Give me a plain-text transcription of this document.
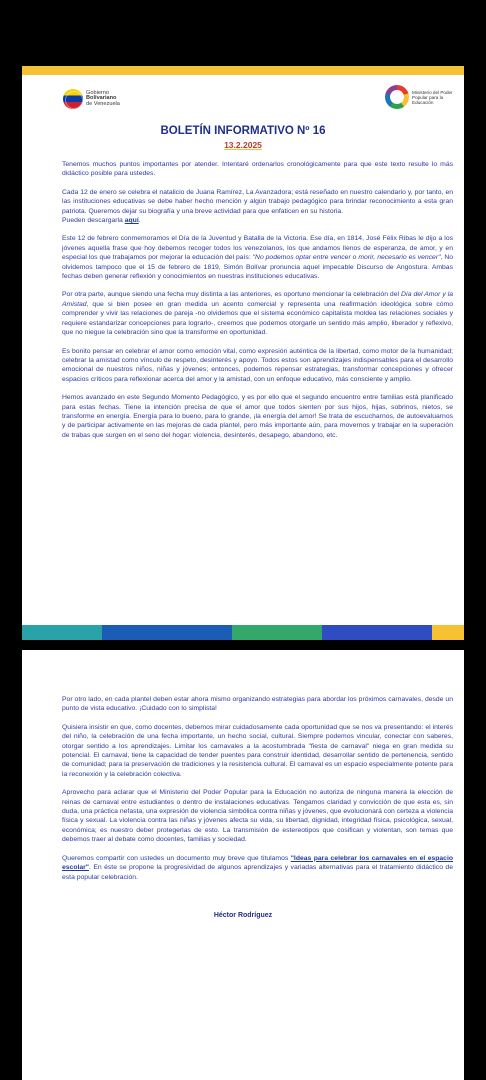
Gobierno
Bolivariano
de Venezuela
Ministerio del Poder Popular para la Educación
BOLETÍN INFORMATIVO Nº 16
13.2.2025

Tenemos muchos puntos importantes por atender. Intentaré ordenarlos cronológicamente para que este texto resulte lo más didáctico posible para ustedes.

Cada 12 de enero se celebra el natalicio de Juana Ramírez, La Avanzadora; está reseñado en nuestro calendario y, por tanto, en las instituciones educativas se debe haber hecho mención y algún trabajo pedagógico para brindar reconocimiento a esta gran patriota. Queremos dejar su biografía y una breve actividad para que enfaticen en su historia.
Pueden descargarla aquí.

Este 12 de febrero conmemoramos el Día de la Juventud y Batalla de la Victoria. Ese día, en 1814, José Félix Ribas le dijo a los jóvenes aquella frase que hoy debemos recoger todos los venezolanos, los que andamos llenos de esperanza, de amor, y en especial los que trabajamos por mejorar la educación del país: "No podemos optar entre vencer o morir, necesario es vencer". No olvidemos tampoco que el 15 de febrero de 1819, Simón Bolívar pronuncia aquel impecable Discurso de Angostura. Ambas fechas deben generar reflexión y conocimientos en nuestras instituciones educativas.

Por otra parte, aunque siendo una fecha muy distinta a las anteriores, es oportuno mencionar la celebración del Día del Amor y la Amistad, que si bien posee en gran medida un acento comercial y representa una reafirmación ideológica sobre cómo comprender y vivir las relaciones de pareja -no olvidemos que el sistema económico capitalista moldea las relaciones sociales y requiere estandarizar concepciones para lograrlo-, creemos que podemos otorgarle un sentido más amplio, liberador y reflexivo, que no niegue la celebración sino que la transforme en oportunidad.

Es bonito pensar en celebrar el amor como emoción vital, como expresión auténtica de la libertad, como motor de la humanidad; celebrar la amistad como vínculo de respeto, desinterés y apoyo. Todos estos son aprendizajes indispensables para el desarrollo emocional de nuestros niños, niñas y jóvenes; entonces, podemos repensar estrategias, transformar concepciones y ofrecer espacios críticos para reflexionar acerca del amor y la amistad, con un enfoque educativo, más consciente y amplio.

Hemos avanzado en este Segundo Momento Pedagógico, y es por ello que el segundo encuentro entre familias está planificado para estas fechas. Tiene la intención precisa de que el amor que todos sienten por sus hijos, hijas, sobrinos, nietos, se transforme en energía. Energía para lo bueno, para lo grande, ¡la energía del amor! Se trata de escucharnos, de autoevaluarnos y de participar activamente en las mejoras de cada plantel, pero más importante aún, para movernos y trabajar en la superación de trabas que surgen en el seno del hogar: violencia, desinterés, desapego, abandono, etc.

Por otro lado, en cada plantel deben estar ahora mismo organizando estrategias para abordar los próximos carnavales, desde un punto de vista educativo. ¡Cuidado con lo simplista!

Quisiera insistir en que, como docentes, debemos mirar cuidadosamente cada oportunidad que se nos va presentando: el interés del niño, la celebración de una fecha importante, un hecho social, cultural. Siempre podemos vincular, conectar con saberes, otorgar sentido a los aprendizajes. Limitar los carnavales a la acostumbrada "fiesta de carnaval" niega en gran medida su potencial. El carnaval, tiene la capacidad de tender puentes para construir identidad, desarrollar sentido de pertenencia, sentido de comunidad; para la preservación de tradiciones y la resistencia cultural. El carnaval es un espacio especialmente potente para la reconexión y la celebración colectiva.

Aprovecho para aclarar que el Ministerio del Poder Popular para la Educación no autoriza de ninguna manera la elección de reinas de carnaval entre estudiantes o dentro de instalaciones educativas. Tengamos claridad y convicción de que esta es, sin duda, una práctica nefasta, una expresión de violencia simbólica contra niñas y jóvenes, que evolucionará con certeza a violencia física y sexual. La violencia contra las niñas y jóvenes afecta su vida, su libertad, dignidad, integridad física, psicológica, sexual, económica; es nuestro deber protegerlas de esto. La transmisión de estereotipos que cosifican y violentan, son temas que debemos traer al debate como docentes, familias y sociedad.

Queremos compartir con ustedes un documento muy breve que titulamos "Ideas para celebrar los carnavales en el espacio escolar". En éste se propone la progresividad de algunos aprendizajes y variadas alternativas para el tratamiento didáctico de esta popular celebración.

Héctor Rodríguez
